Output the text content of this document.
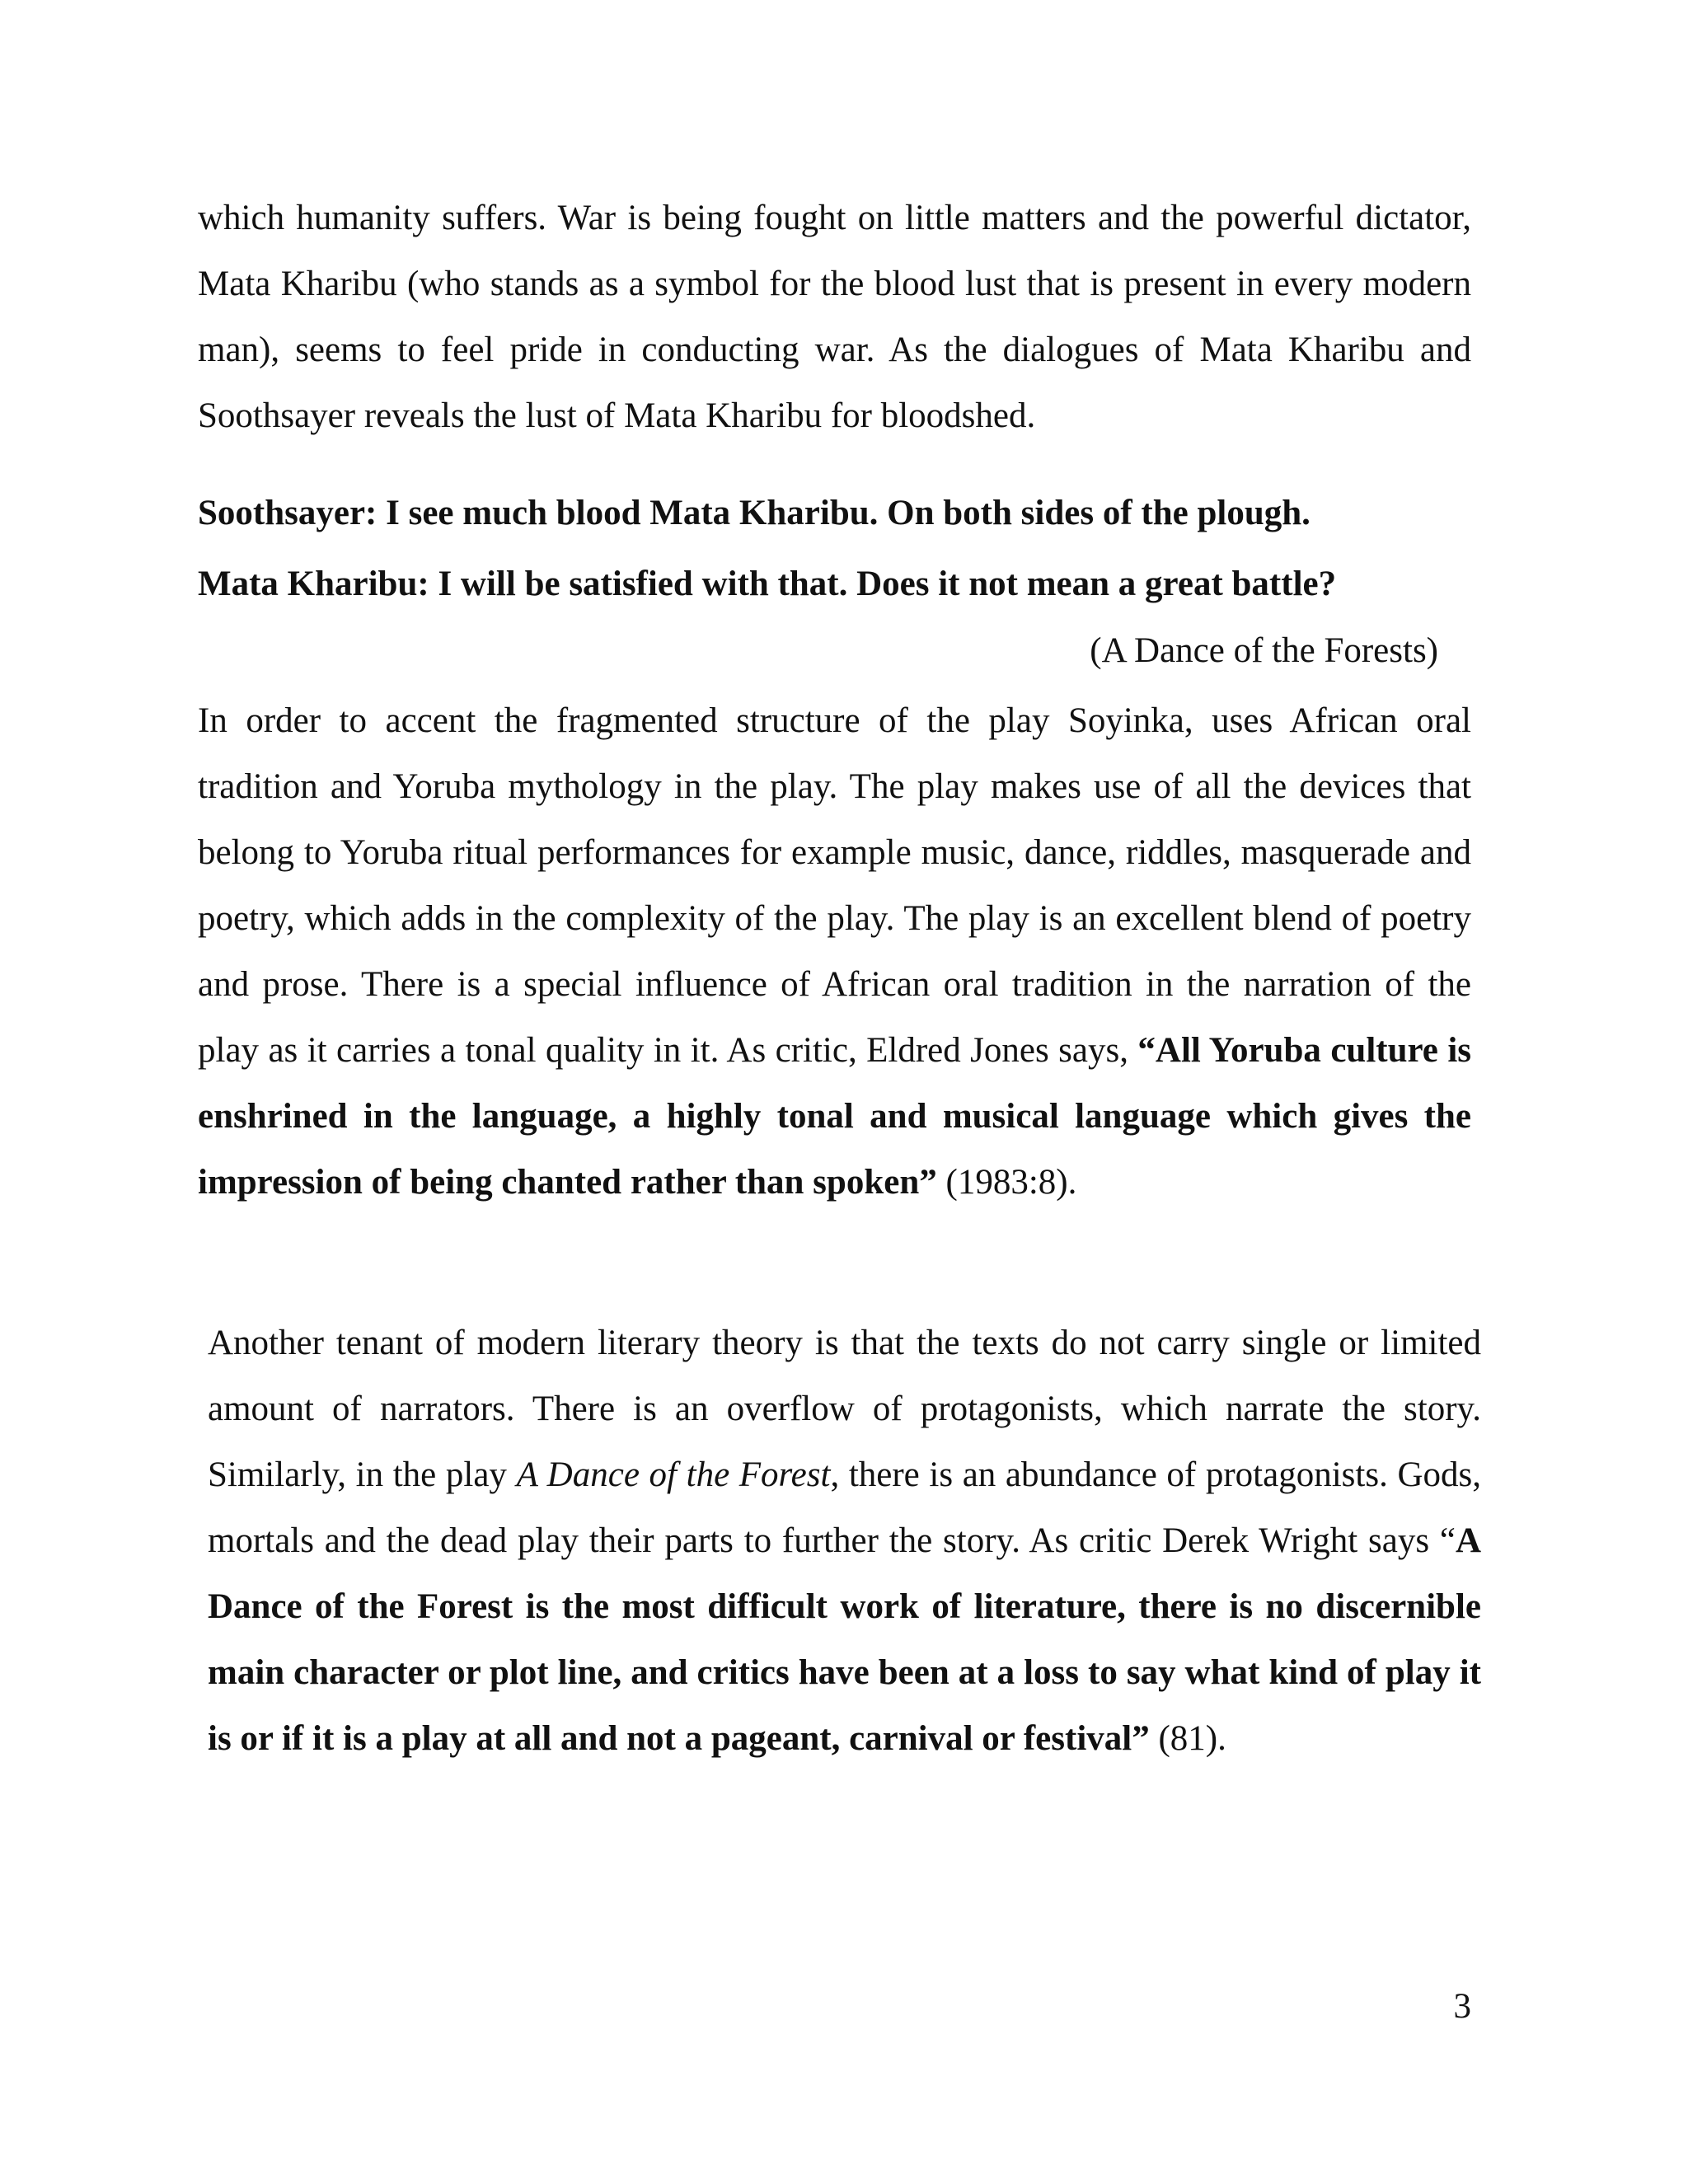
which humanity suffers. War is being fought on little matters and the powerful dictator, Mata Kharibu (who stands as a symbol for the blood lust that is present in every modern man), seems to feel pride in conducting war. As the dialogues of Mata Kharibu and Soothsayer reveals the lust of Mata Kharibu for bloodshed.

Soothsayer: I see much blood Mata Kharibu. On both sides of the plough.

Mata Kharibu: I will be satisfied with that. Does it not mean a great battle?

(A Dance of the Forests)

In order to accent the fragmented structure of the play Soyinka, uses African oral tradition and Yoruba mythology in the play. The play makes use of all the devices that belong to Yoruba ritual performances for example music, dance, riddles, masquerade and poetry, which adds in the complexity of the play. The play is an excellent blend of poetry and prose. There is a special influence of African oral tradition in the narration of the play as it carries a tonal quality in it. As critic, Eldred Jones says, “All Yoruba culture is enshrined in the language, a highly tonal and musical language which gives the impression of being chanted rather than spoken” (1983:8).

Another tenant of modern literary theory is that the texts do not carry single or limited amount of narrators. There is an overflow of protagonists, which narrate the story. Similarly, in the play A Dance of the Forest, there is an abundance of protagonists. Gods, mortals and the dead play their parts to further the story. As critic Derek Wright says “A Dance of the Forest is the most difficult work of literature, there is no discernible main character or plot line, and critics have been at a loss to say what kind of play it is or if it is a play at all and not a pageant, carnival or festival” (81).

3
